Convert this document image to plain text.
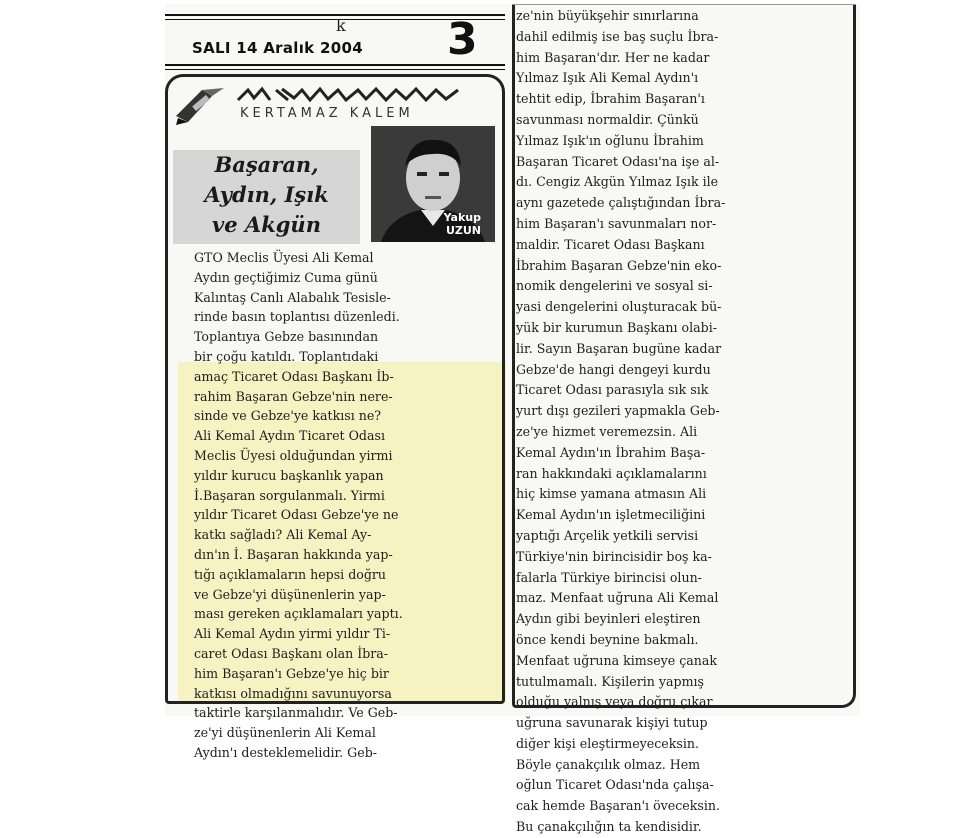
k
SALI 14 Aralık 2004 3
KERTAMAZ KALEM
Başaran,
Aydın, Işık
ve Akgün	Yakup
UZUN
GTO Meclis Üyesi Ali Kemal
Aydın geçtiğimiz Cuma günü
Kalıntaş Canlı Alabalık Tesisle-
rinde basın toplantısı düzenledi.
Toplantıya Gebze basınından
bir çoğu katıldı. Toplantıdaki
amaç Ticaret Odası Başkanı İb-
rahim Başaran Gebze'nin nere-
sinde ve Gebze'ye katkısı ne?
Ali Kemal Aydın Ticaret Odası
Meclis Üyesi olduğundan yirmi
yıldır kurucu başkanlık yapan
İ.Başaran sorgulanmalı. Yirmi
yıldır Ticaret Odası Gebze'ye ne
katkı sağladı? Ali Kemal Ay-
dın'ın İ. Başaran hakkında yap-
tığı açıklamaların hepsi doğru
ve Gebze'yi düşünenlerin yap-
ması gereken açıklamaları yaptı.
Ali Kemal Aydın yirmi yıldır Ti-
caret Odası Başkanı olan İbra-
him Başaran'ı Gebze'ye hiç bir
katkısı olmadığını savunuyorsa
taktirle karşılanmalıdır. Ve Geb-
ze'yi düşünenlerin Ali Kemal
Aydın'ı desteklemelidir. Geb-
ze'nin büyükşehir sınırlarına
dahil edilmiş ise baş suçlu İbra-
him Başaran'dır. Her ne kadar
Yılmaz Işık Ali Kemal Aydın'ı
tehtit edip, İbrahim Başaran'ı
savunması normaldir. Çünkü
Yılmaz Işık'ın oğlunu İbrahim
Başaran Ticaret Odası'na işe al-
dı. Cengiz Akgün Yılmaz Işık ile
aynı gazetede çalıştığından İbra-
him Başaran'ı savunmaları nor-
maldir. Ticaret Odası Başkanı
İbrahim Başaran Gebze'nin eko-
nomik dengelerini ve sosyal si-
yasi dengelerini oluşturacak bü-
yük bir kurumun Başkanı olabi-
lir. Sayın Başaran bugüne kadar
Gebze'de hangi dengeyi kurdu
Ticaret Odası parasıyla sık sık
yurt dışı gezileri yapmakla Geb-
ze'ye hizmet veremezsin. Ali
Kemal Aydın'ın İbrahim Başa-
ran hakkındaki açıklamalarını
hiç kimse yamana atmasın Ali
Kemal Aydın'ın işletmeciliğini
yaptığı Arçelik yetkili servisi
Türkiye'nin birincisidir boş ka-
falarla Türkiye birincisi olun-
maz. Menfaat uğruna Ali Kemal
Aydın gibi beyinleri eleştiren
önce kendi beynine bakmalı.
Menfaat uğruna kimseye çanak
tutulmamalı. Kişilerin yapmış
olduğu yalnış veya doğru çıkar
uğruna savunarak kişiyi tutup
diğer kişi eleştirmeyeceksin.
Böyle çanakçılık olmaz. Hem
oğlun Ticaret Odası'nda çalışa-
cak hemde Başaran'ı öveceksin.
Bu çanakçılığın ta kendisidir.
